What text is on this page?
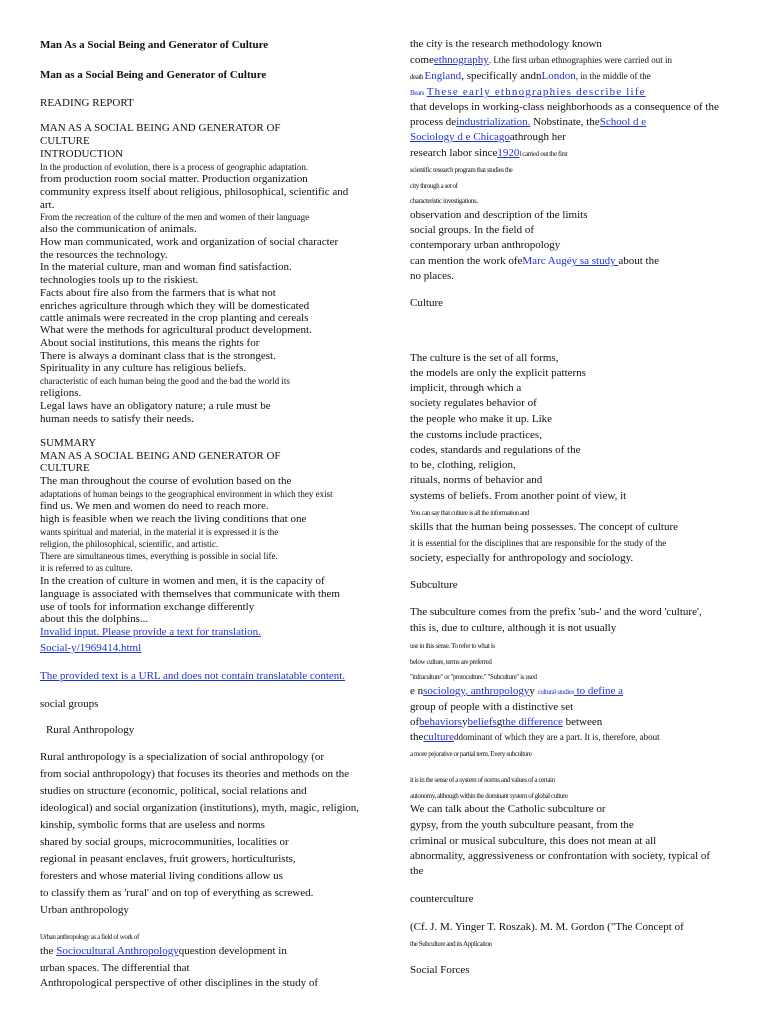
Man As a Social Being and Generator of Culture
Man as a Social Being and Generator of Culture
READING REPORT
MAN AS A SOCIAL BEING AND GENERATOR OF
CULTURE
INTRODUCTION
In the production of evolution, there is a process of geographic adaptation.
from production room social matter. Production organization
community express itself about religious, philosophical, scientific and
art.
From the recreation of the culture of the men and women of their language
also the communication of animals.
How man communicated, work and organization of social character
the resources the technology.
In the material culture, man and woman find satisfaction.
technologies tools up to the riskiest.
Facts about fire also from the farmers that is what not
enriches agriculture through which they will be domesticated
cattle animals were recreated in the crop planting and cereals
What were the methods for agricultural product development.
About social institutions, this means the rights for
There is always a dominant class that is the strongest.
Spirituality in any culture has religious beliefs.
characteristic of each human being the good and the bad the world its
religions.
Legal laws have an obligatory nature; a rule must be
human needs to satisfy their needs.
SUMMARY
MAN AS A SOCIAL BEING AND GENERATOR OF
CULTURE
The man throughout the course of evolution based on the
adaptations of human beings to the geographical environment in which they exist
find us. We men and women do need to reach more.
high is feasible when we reach the living conditions that one
wants spiritual and material, in the material it is expressed it is the
religion, the philosophical, scientific, and artistic.
There are simultaneous times, everything is possible in social life.
it is referred to as culture.
In the creation of culture in women and men, it is the capacity of
language is associated with themselves that communicate with them
use of tools for information exchange differently
about this the dolphins...
Invalid input. Please provide a text for translation.
Social-y/1969414.html
The provided text is a URL and does not contain translatable content.
social groups
Rural Anthropology
Rural anthropology is a specialization of social anthropology (or
from social anthropology) that focuses its theories and methods on the
studies on structure (economic, political, social relations and
ideological) and social organization (institutions), myth, magic, religion,
kinship, symbolic forms that are useless and norms
shared by social groups, microcommunities, localities or
regional in peasant enclaves, fruit growers, horticulturists,
foresters and whose material living conditions allow us
to classify them as 'rural' and on top of everything as screwed.
Urban anthropology
Urban anthropology as a field of work of
the Sociocultural Anthropologyquestion development in
urban spaces. The differential that
Anthropological perspective of other disciplines in the study of
the city is the research methodology known
comeethnography. Lthe first urban ethnographies were carried out in
death England, specifically andnLondon, in the middle of the
Bears These early ethnographies describe life
that develops in working-class neighborhoods as a consequence of the
process deindustrialization. Nobstinate, theSchool d e
Sociology d e Chicagoathrough her
research labor since1920l carried out the first
scientific research program that studies the
city through a set of
characteristic investigations.
observation and description of the limits
social groups. In the field of
contemporary urban anthropology
can mention the work ofeMarc Augéy sa study about the
no places.
Culture
The culture is the set of all forms,
the models are only the explicit patterns
implicit, through which a
society regulates behavior of
the people who make it up. Like
the customs include practices,
codes, standards and regulations of the
to be, clothing, religion,
rituals, norms of behavior and
systems of beliefs. From another point of view, it
You can say that culture is all the information and
skills that the human being possesses. The concept of culture
it is essential for the disciplines that are responsible for the study of the
society, especially for anthropology and sociology.
Subculture
The subculture comes from the prefix 'sub-' and the word 'culture',
this is, due to culture, although it is not usually
use in this sense. To refer to what is
below culture, terms are preferred
"infraculture" or "protoculture." "Subculture" is used
e nsociology, anthropologyy cultural studies to define a
group of people with a distinctive set
ofbehaviorsybeliefsgthe difference between
thecultureddominant of which they are a part. It is, therefore, about
a more pejorative or partial term. Every subculture
it is in the sense of a system of norms and values of a certain
autonomy, although within the dominant system of global culture
We can talk about the Catholic subculture or
gypsy, from the youth subculture peasant, from the
criminal or musical subculture, this does not mean at all
abnormality, aggressiveness or confrontation with society, typical of
the
counterculture
(Cf. J. M. Yinger T. Roszak). M. M. Gordon ("The Concept of
the Subculture and its Application
Social Forces
